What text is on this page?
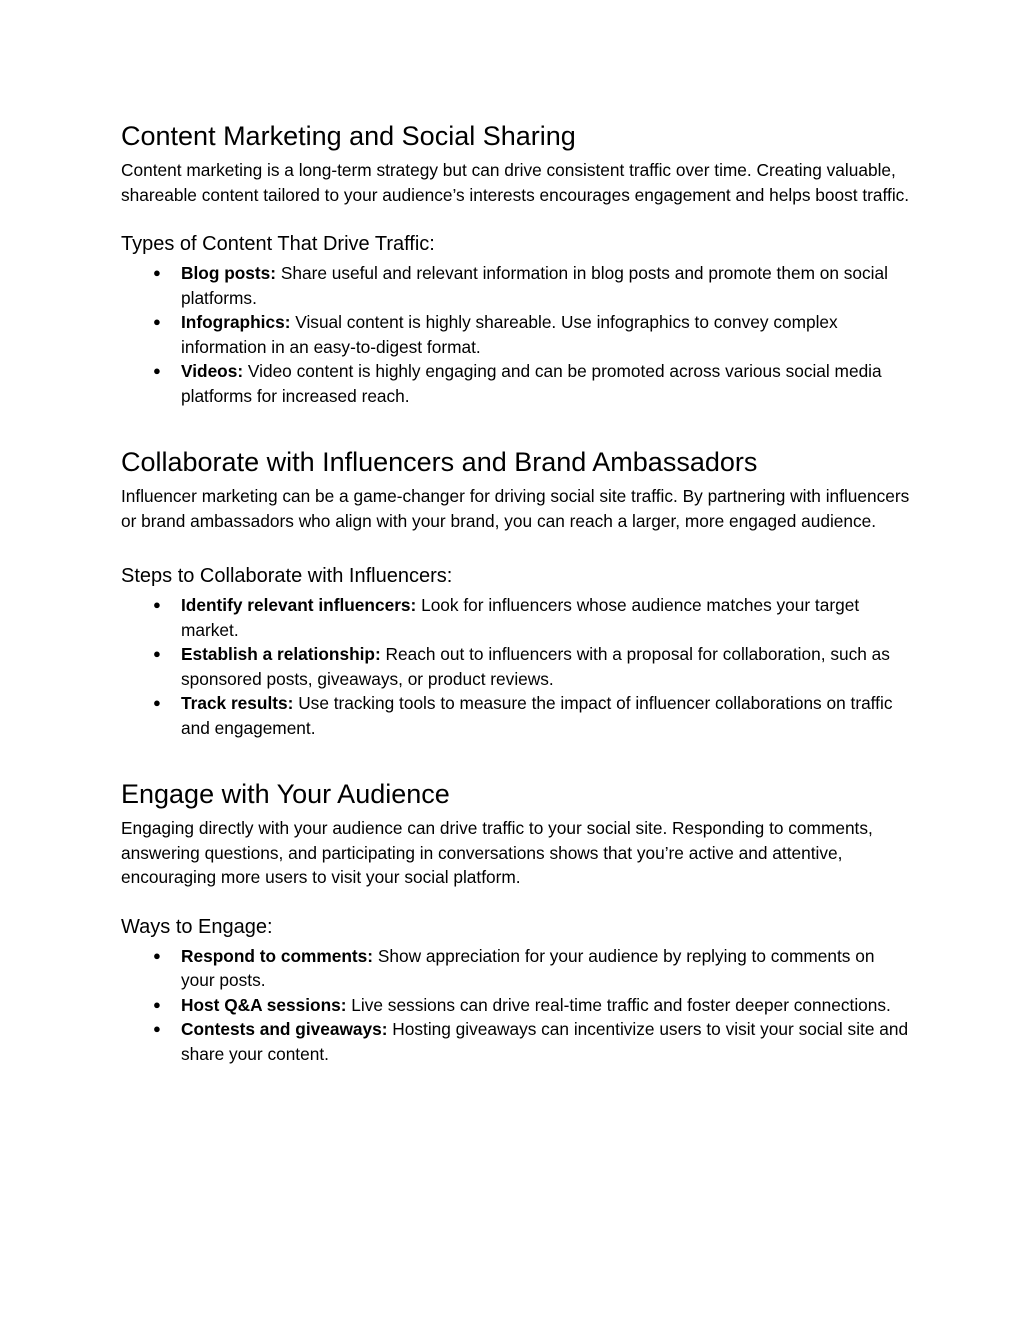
Content Marketing and Social Sharing

Content marketing is a long-term strategy but can drive consistent traffic over time. Creating valuable, shareable content tailored to your audience’s interests encourages engagement and helps boost traffic.

Types of Content That Drive Traffic:
● Blog posts: Share useful and relevant information in blog posts and promote them on social platforms.
● Infographics: Visual content is highly shareable. Use infographics to convey complex information in an easy-to-digest format.
● Videos: Video content is highly engaging and can be promoted across various social media platforms for increased reach.
Collaborate with Influencers and Brand Ambassadors

Influencer marketing can be a game-changer for driving social site traffic. By partnering with influencers or brand ambassadors who align with your brand, you can reach a larger, more engaged audience.

Steps to Collaborate with Influencers:
● Identify relevant influencers: Look for influencers whose audience matches your target market.
● Establish a relationship: Reach out to influencers with a proposal for collaboration, such as sponsored posts, giveaways, or product reviews.
● Track results: Use tracking tools to measure the impact of influencer collaborations on traffic and engagement.
Engage with Your Audience

Engaging directly with your audience can drive traffic to your social site. Responding to comments, answering questions, and participating in conversations shows that you’re active and attentive, encouraging more users to visit your social platform.

Ways to Engage:
● Respond to comments: Show appreciation for your audience by replying to comments on your posts.
● Host Q&A sessions: Live sessions can drive real-time traffic and foster deeper connections.
● Contests and giveaways: Hosting giveaways can incentivize users to visit your social site and share your content.
